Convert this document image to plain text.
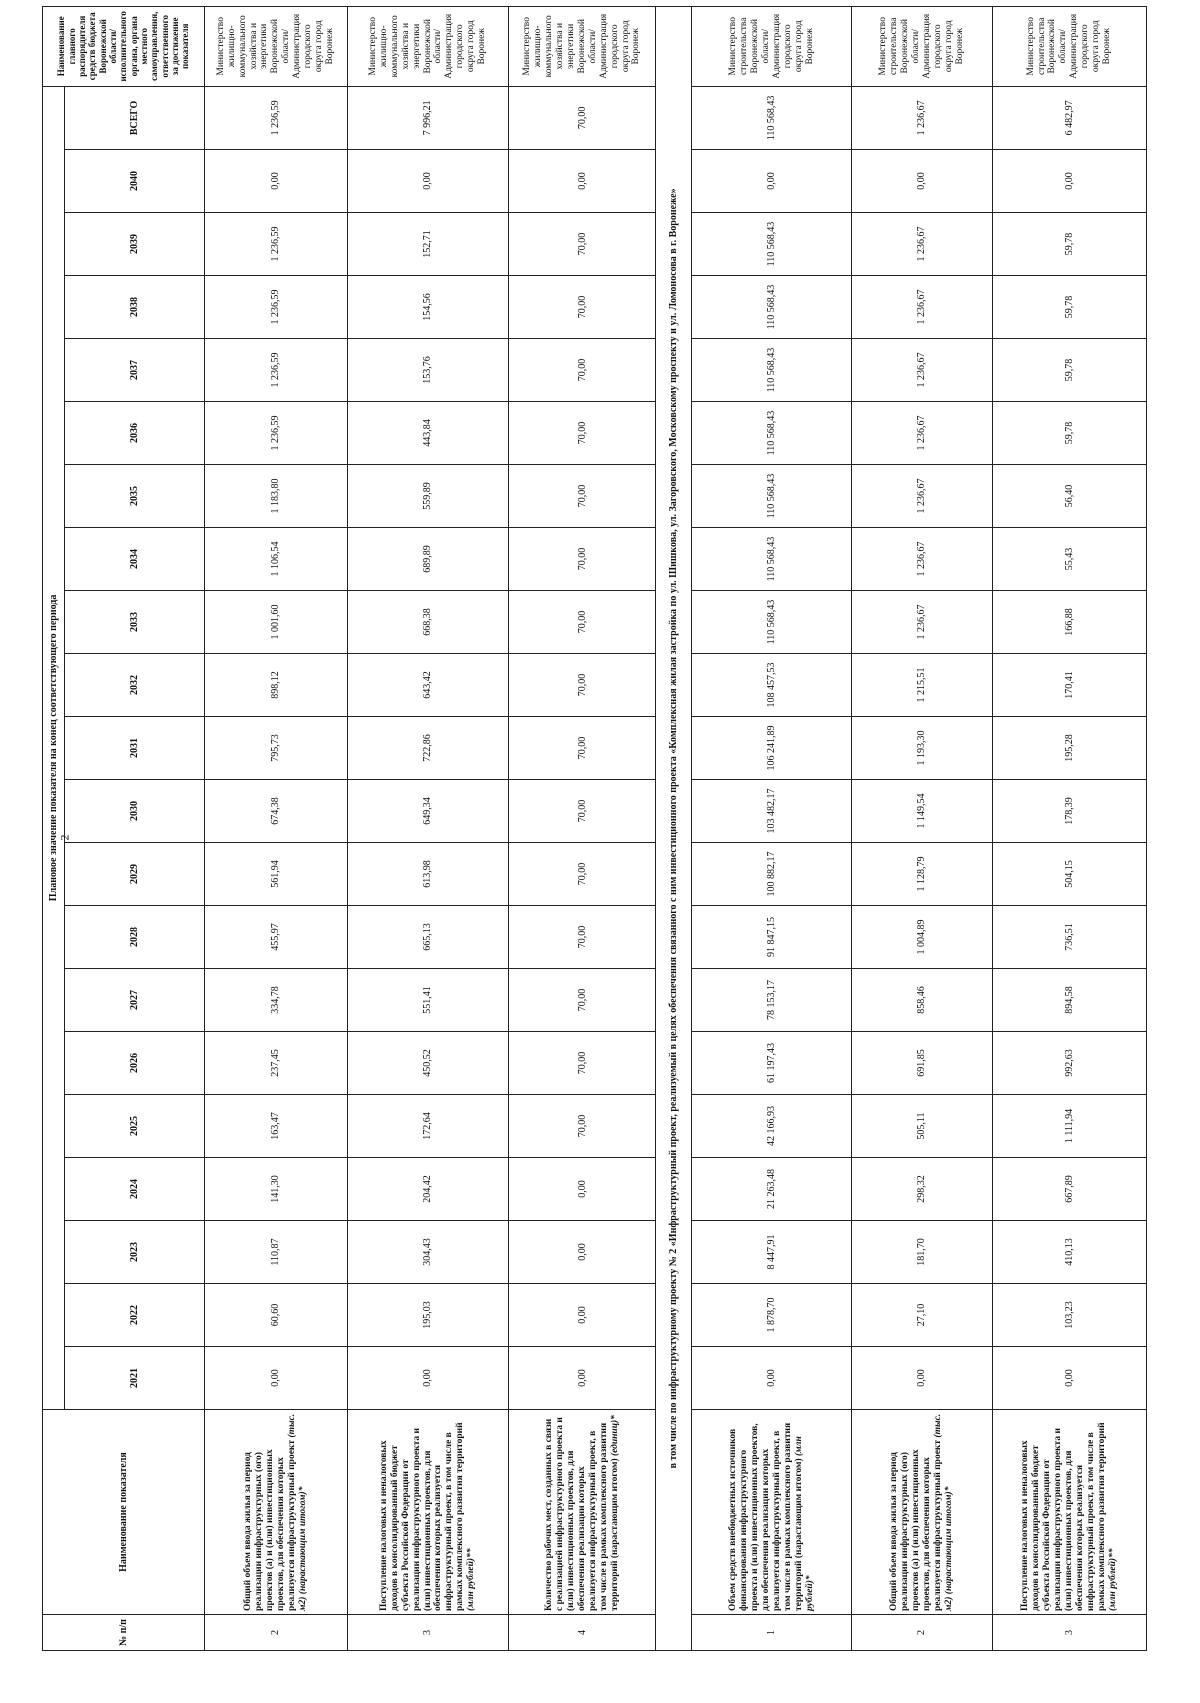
2
№ п/п	Наименование показателя	Плановое значение показателя на конец соответствующего периода																					Наименование главного распорядителя средств бюджета Воронежской области/исполнительного органа, органа местного самоуправления, ответственного за достижение показателя
		2021	2022	2023	2024	2025	2026	2027	2028	2029	2030	2031	2032	2033	2034	2035	2036	2037	2038	2039	2040	ВСЕГО	
2	Общий объем ввода жилья за период реализации инфраструктурных (ого) проектов (а) и (или) инвестиционных проектов, для обеспечения которых реализуется инфраструктурный проект (тыс. м2) (нарастающим итогом)*	0,00	60,60	110,87	141,30	163,47	237,45	334,78	455,97	561,94	674,38	795,73	898,12	1 001,60	1 106,54	1 183,80	1 236,59	1 236,59	1 236,59	1 236,59	0,00	1 236,59	Министерство жилищно-коммунального хозяйства и энергетики Воронежской области/ Администрация городского округа город Воронеж
3	Поступление налоговых и неналоговых доходов в консолидированный бюджет субъекта Российской Федерации от реализации инфраструктурного проекта и (или) инвестиционных проектов, для обеспечения которых реализуется инфраструктурный проект, в том числе в рамках комплексного развития территорий (млн рублей)**	0,00	195,03	304,43	204,42	172,64	450,52	551,41	665,13	613,98	649,34	722,86	643,42	668,38	689,89	559,89	443,84	153,76	154,56	152,71	0,00	7 996,21	Министерство жилищно-коммунального хозяйства и энергетики Воронежской области/ Администрация городского округа город Воронеж
4	Количество рабочих мест, созданных в связи с реализацией инфраструктурного проекта и (или) инвестиционных проектов, для обеспечения реализации которых реализуется инфраструктурный проект, в том числе в рамках комплексного развития территорий (нарастающим итогом) (единиц)*	0,00	0,00	0,00	0,00	70,00	70,00	70,00	70,00	70,00	70,00	70,00	70,00	70,00	70,00	70,00	70,00	70,00	70,00	70,00	0,00	70,00	Министерство жилищно-коммунального хозяйства и энергетики Воронежской области/ Администрация городского округа город Воронеж
в том числе по инфраструктурному проекту № 2 «Инфраструктурный проект, реализуемый в целях обеспечения связанного с ним инвестиционного проекта «Комплексная жилая застройка по ул. Шишкова, ул. Загоровского, Московскому проспекту и ул. Ломоносова в г. Воронеже»																							
1	Объем средств внебюджетных источников финансирования инфраструктурного проекта и (или) инвестиционных проектов, для обеспечения реализации которых реализуется инфраструктурный проект, в том числе в рамках комплексного развития территорий (нарастающим итогом) (млн рублей)*	0,00	1 878,70	8 447,91	21 263,48	42 166,93	61 197,43	78 153,17	91 847,15	100 882,17	103 482,17	106 241,89	108 457,53	110 568,43	110 568,43	110 568,43	110 568,43	110 568,43	110 568,43	110 568,43	0,00	110 568,43	Министерство строительства Воронежской области/ Администрация городского округа город Воронеж
2	Общий объем ввода жилья за период реализации инфраструктурных (ого) проектов (а) и (или) инвестиционных проектов, для обеспечения которых реализуется инфраструктурный проект (тыс. м2) (нарастающим итогом)*	0,00	27,10	181,70	298,32	505,11	691,85	858,46	1 004,89	1 128,79	1 149,54	1 193,30	1 215,51	1 236,67	1 236,67	1 236,67	1 236,67	1 236,67	1 236,67	1 236,67	0,00	1 236,67	Министерство строительства Воронежской области/ Администрация городского округа город Воронеж
3	Поступление налоговых и неналоговых доходов в консолидированный бюджет субъекта Российской Федерации от реализации инфраструктурного проекта и (или) инвестиционных проектов, для обеспечения которых реализуется инфраструктурный проект, в том числе в рамках комплексного развития территорий (млн рублей)**	0,00	103,23	410,13	667,89	1 111,94	992,63	894,58	736,51	504,15	178,39	195,28	170,41	166,88	55,43	56,40	59,78	59,78	59,78	59,78	0,00	6 482,97	Министерство строительства Воронежской области/ Администрация городского округа город Воронеж
